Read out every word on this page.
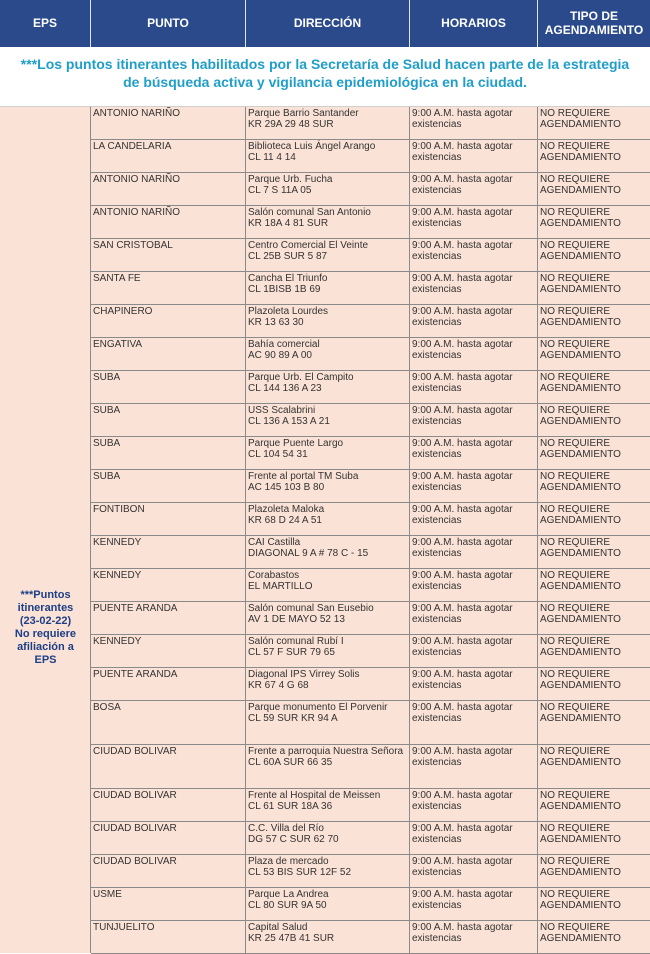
EPS	PUNTO	DIRECCIÓN	HORARIOS	TIPO DE
AGENDAMIENTO
***Los puntos itinerantes habilitados por la Secretaría de Salud hacen parte de la estrategia de búsqueda activa y vigilancia epidemiológica en la ciudad.
***Puntos
itinerantes
(23-02-22)
No requiere
afiliación a
EPS
ANTONIO NARIÑO	Parque Barrio Santander
KR 29A 29 48 SUR
9:00 A.M. hasta agotar existencias
NO REQUIERE AGENDAMIENTO
LA CANDELARIA	Biblioteca Luis Ángel Arango
CL 11 4 14
9:00 A.M. hasta agotar existencias
NO REQUIERE AGENDAMIENTO
ANTONIO NARIÑO	Parque Urb. Fucha
CL 7 S 11A 05
9:00 A.M. hasta agotar existencias
NO REQUIERE AGENDAMIENTO
ANTONIO NARIÑO	Salón comunal San Antonio
KR 18A 4 81 SUR
9:00 A.M. hasta agotar existencias
NO REQUIERE AGENDAMIENTO
SAN CRISTOBAL	Centro Comercial El Veinte
CL 25B SUR 5 87
9:00 A.M. hasta agotar existencias
NO REQUIERE AGENDAMIENTO
SANTA FE	Cancha El Triunfo
CL 1BISB 1B 69
9:00 A.M. hasta agotar existencias
NO REQUIERE AGENDAMIENTO
CHAPINERO	Plazoleta Lourdes
KR 13 63 30
9:00 A.M. hasta agotar existencias
NO REQUIERE AGENDAMIENTO
ENGATIVA	Bahía comercial
AC 90 89 A 00
9:00 A.M. hasta agotar existencias
NO REQUIERE AGENDAMIENTO
SUBA	Parque Urb. El Campito
CL 144 136 A 23
9:00 A.M. hasta agotar existencias
NO REQUIERE AGENDAMIENTO
SUBA	USS Scalabrini
CL 136 A 153 A 21
9:00 A.M. hasta agotar existencias
NO REQUIERE AGENDAMIENTO
SUBA	Parque Puente Largo
CL 104 54 31
9:00 A.M. hasta agotar existencias
NO REQUIERE AGENDAMIENTO
SUBA	Frente al portal TM Suba
AC 145 103 B 80
9:00 A.M. hasta agotar existencias
NO REQUIERE AGENDAMIENTO
FONTIBON	Plazoleta Maloka
KR 68 D 24 A 51
9:00 A.M. hasta agotar existencias
NO REQUIERE AGENDAMIENTO
KENNEDY	CAI Castilla
DIAGONAL 9 A # 78 C - 15
9:00 A.M. hasta agotar existencias
NO REQUIERE AGENDAMIENTO
KENNEDY	Corabastos
EL MARTILLO
9:00 A.M. hasta agotar existencias
NO REQUIERE AGENDAMIENTO
PUENTE ARANDA	Salón comunal San Eusebio
AV 1 DE MAYO 52 13
9:00 A.M. hasta agotar existencias
NO REQUIERE AGENDAMIENTO
KENNEDY	Salón comunal Rubí I
CL 57 F SUR 79 65
9:00 A.M. hasta agotar existencias
NO REQUIERE AGENDAMIENTO
PUENTE ARANDA	Diagonal IPS Virrey Solis
KR 67 4 G 68
9:00 A.M. hasta agotar existencias
NO REQUIERE AGENDAMIENTO
BOSA	Parque monumento El Porvenir
CL 59 SUR KR 94 A
9:00 A.M. hasta agotar existencias
NO REQUIERE AGENDAMIENTO
CIUDAD BOLIVAR	Frente a parroquia Nuestra Señora
CL 60A SUR 66 35
9:00 A.M. hasta agotar existencias
NO REQUIERE AGENDAMIENTO
CIUDAD BOLIVAR	Frente al Hospital de Meissen
CL 61 SUR 18A 36
9:00 A.M. hasta agotar existencias
NO REQUIERE AGENDAMIENTO
CIUDAD BOLIVAR	C.C. Villa del Río
DG 57 C SUR 62 70
9:00 A.M. hasta agotar existencias
NO REQUIERE AGENDAMIENTO
CIUDAD BOLIVAR	Plaza de mercado
CL 53 BIS SUR 12F 52
9:00 A.M. hasta agotar existencias
NO REQUIERE AGENDAMIENTO
USME	Parque La Andrea
CL 80 SUR 9A 50
9:00 A.M. hasta agotar existencias
NO REQUIERE AGENDAMIENTO
TUNJUELITO	Capital Salud
KR 25 47B 41 SUR
9:00 A.M. hasta agotar existencias
NO REQUIERE AGENDAMIENTO
